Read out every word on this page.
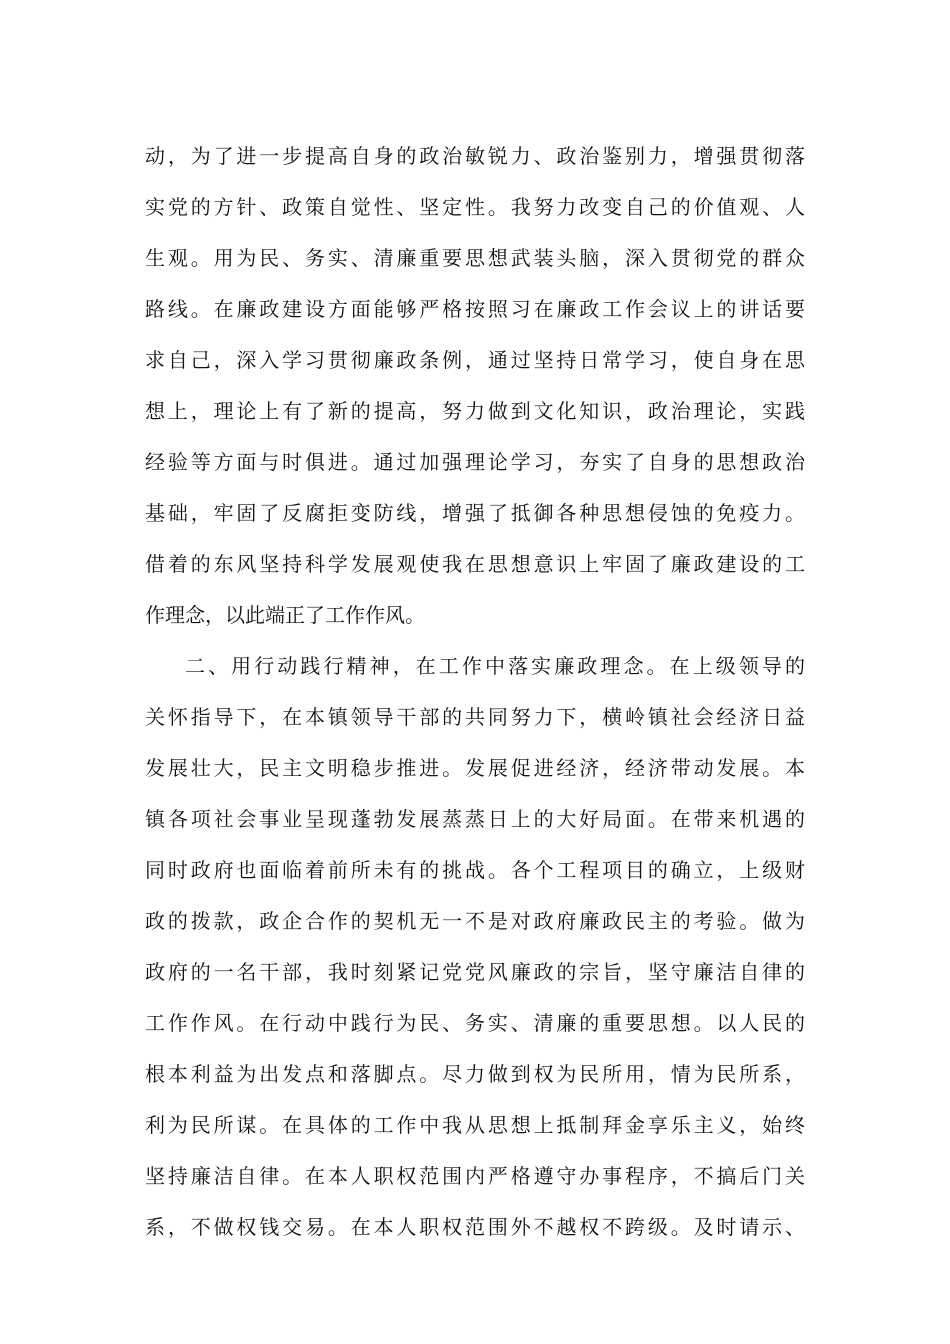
动，为了进一步提高自身的政治敏锐力、政治鉴别力，增强贯彻落
实党的方针、政策自觉性、坚定性。我努力改变自己的价值观、人
生观。用为民、务实、清廉重要思想武装头脑，深入贯彻党的群众
路线。在廉政建设方面能够严格按照习在廉政工作会议上的讲话要
求自己，深入学习贯彻廉政条例，通过坚持日常学习，使自身在思
想上，理论上有了新的提高，努力做到文化知识，政治理论，实践
经验等方面与时俱进。通过加强理论学习，夯实了自身的思想政治
基础，牢固了反腐拒变防线，增强了抵御各种思想侵蚀的免疫力。
借着的东风坚持科学发展观使我在思想意识上牢固了廉政建设的工
作理念，以此端正了工作作风。
二、用行动践行精神，在工作中落实廉政理念。在上级领导的
关怀指导下，在本镇领导干部的共同努力下，横岭镇社会经济日益
发展壮大，民主文明稳步推进。发展促进经济，经济带动发展。本
镇各项社会事业呈现蓬勃发展蒸蒸日上的大好局面。在带来机遇的
同时政府也面临着前所未有的挑战。各个工程项目的确立，上级财
政的拨款，政企合作的契机无一不是对政府廉政民主的考验。做为
政府的一名干部，我时刻紧记党党风廉政的宗旨，坚守廉洁自律的
工作作风。在行动中践行为民、务实、清廉的重要思想。以人民的
根本利益为出发点和落脚点。尽力做到权为民所用，情为民所系，
利为民所谋。在具体的工作中我从思想上抵制拜金享乐主义，始终
坚持廉洁自律。在本人职权范围内严格遵守办事程序，不搞后门关
系，不做权钱交易。在本人职权范围外不越权不跨级。及时请示、
